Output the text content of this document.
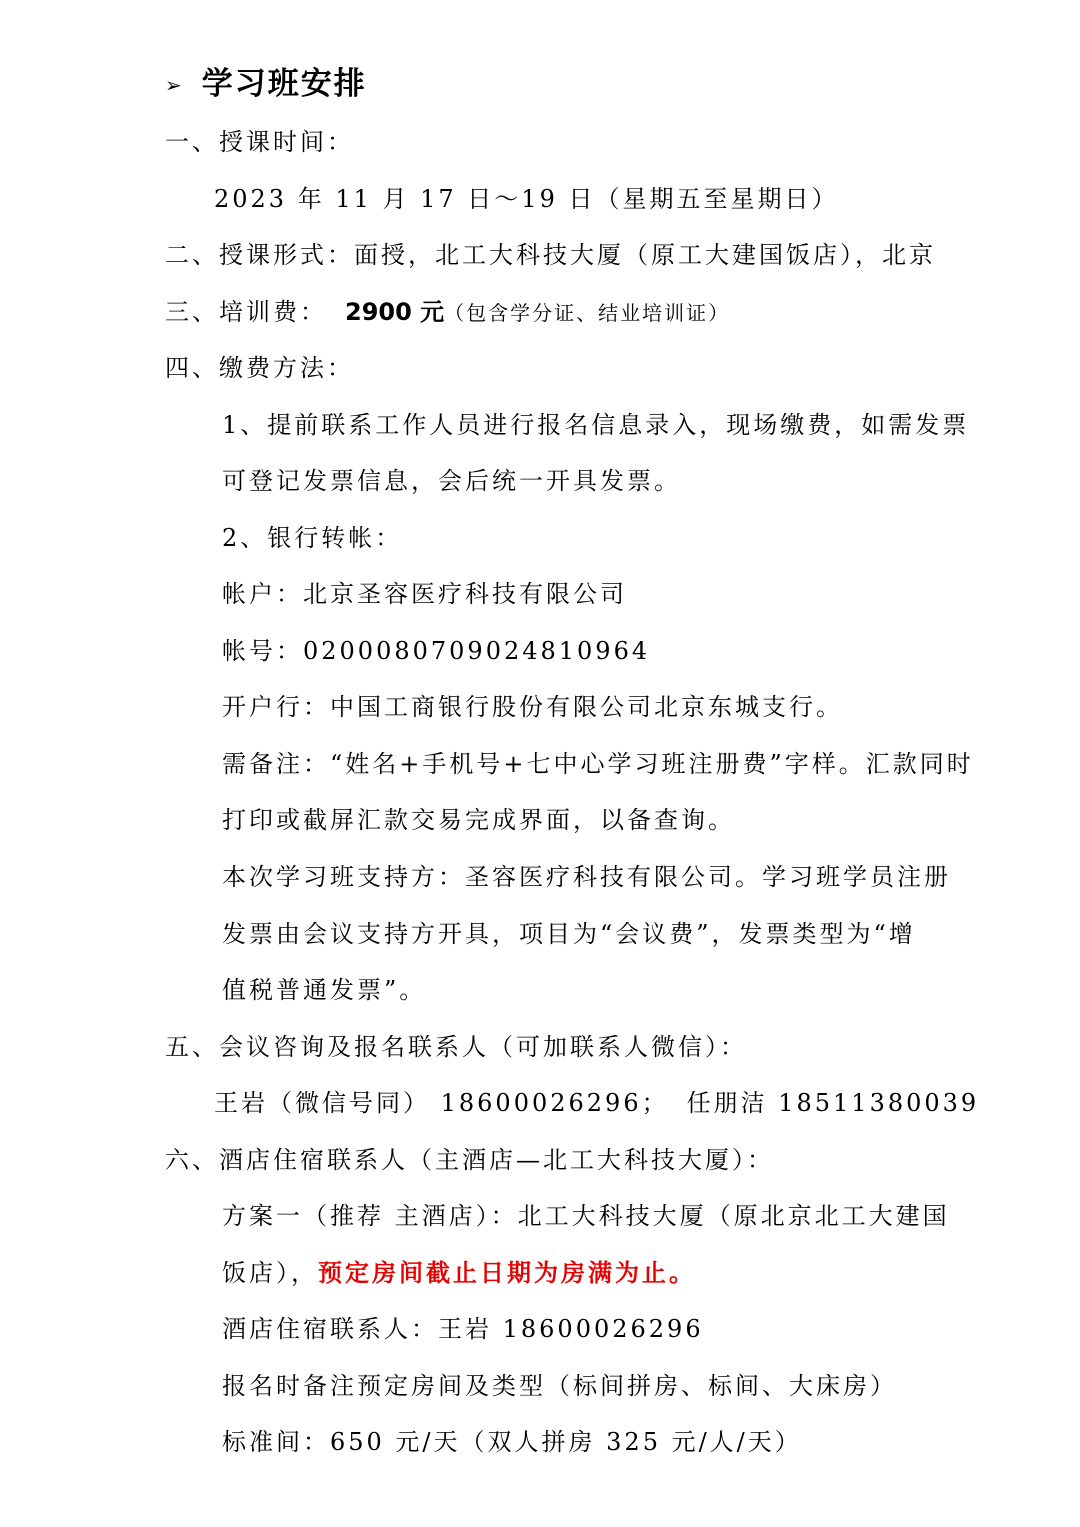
➢ 学习班安排
一、授课时间：
2023 年 11 月 17 日～19 日（星期五至星期日）
二、授课形式：面授，北工大科技大厦（原工大建国饭店），北京
三、培训费： 2900 元（包含学分证、结业培训证）
四、缴费方法：
1、提前联系工作人员进行报名信息录入，现场缴费，如需发票
可登记发票信息，会后统一开具发票。
2、银行转帐：
帐户：北京圣容医疗科技有限公司
帐号：0200080709024810964
开户行：中国工商银行股份有限公司北京东城支行。
需备注：“姓名+手机号+七中心学习班注册费”字样。汇款同时
打印或截屏汇款交易完成界面，以备查询。
本次学习班支持方：圣容医疗科技有限公司。学习班学员注册
发票由会议支持方开具，项目为“会议费”，发票类型为“增
值税普通发票”。
五、会议咨询及报名联系人（可加联系人微信）：
王岩（微信号同） 18600026296； 任朋洁 18511380039
六、酒店住宿联系人（主酒店—北工大科技大厦）：
方案一（推荐 主酒店）：北工大科技大厦（原北京北工大建国
饭店），预定房间截止日期为房满为止。
酒店住宿联系人：王岩 18600026296
报名时备注预定房间及类型（标间拼房、标间、大床房）
标准间：650 元/天（双人拼房 325 元/人/天）
